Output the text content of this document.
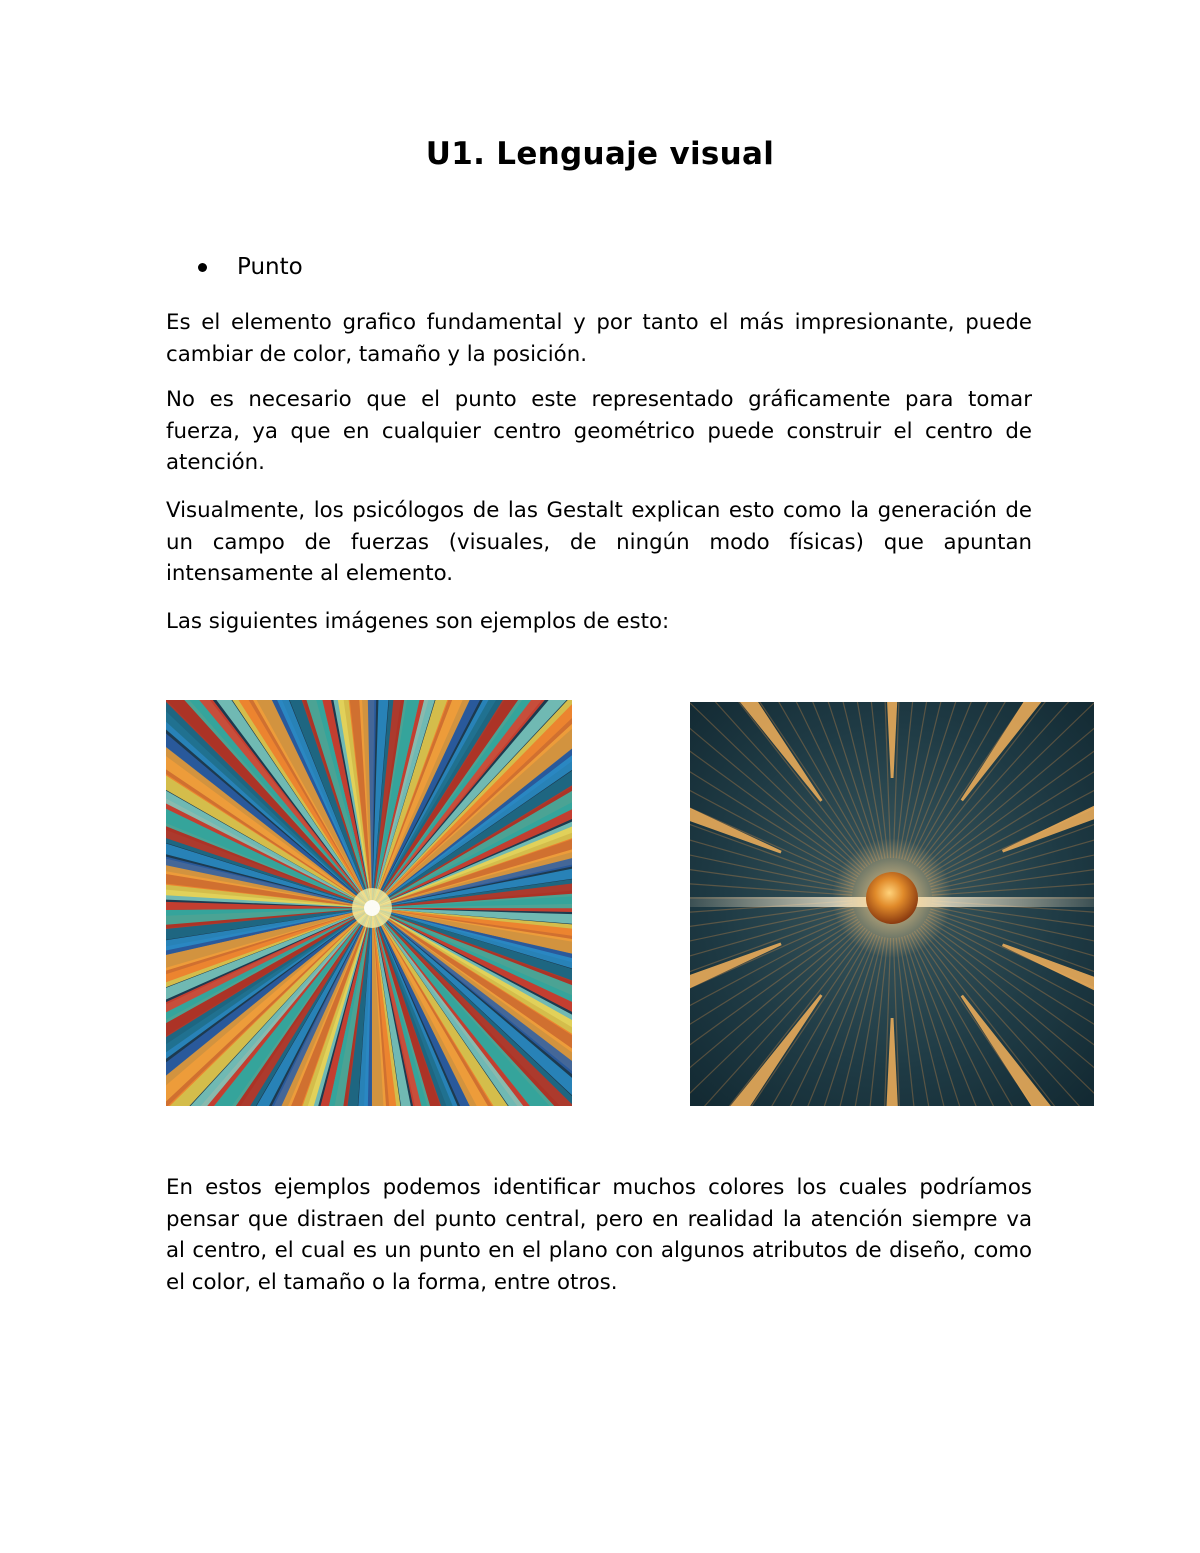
U1. Lenguaje visual
Punto

Es el elemento grafico fundamental y por tanto el más impresionante, puede cambiar de color, tamaño y la posición.

No es necesario que el punto este representado gráficamente para tomar fuerza, ya que en cualquier centro geométrico puede construir el centro de atención.

Visualmente, los psicólogos de las Gestalt explican esto como la generación de un campo de fuerzas (visuales, de ningún modo físicas) que apuntan intensamente al elemento.

Las siguientes imágenes son ejemplos de esto:

En estos ejemplos podemos identificar muchos colores los cuales podríamos pensar que distraen del punto central, pero en realidad la atención siempre va al centro, el cual es un punto en el plano con algunos atributos de diseño, como el color, el tamaño o la forma, entre otros.
